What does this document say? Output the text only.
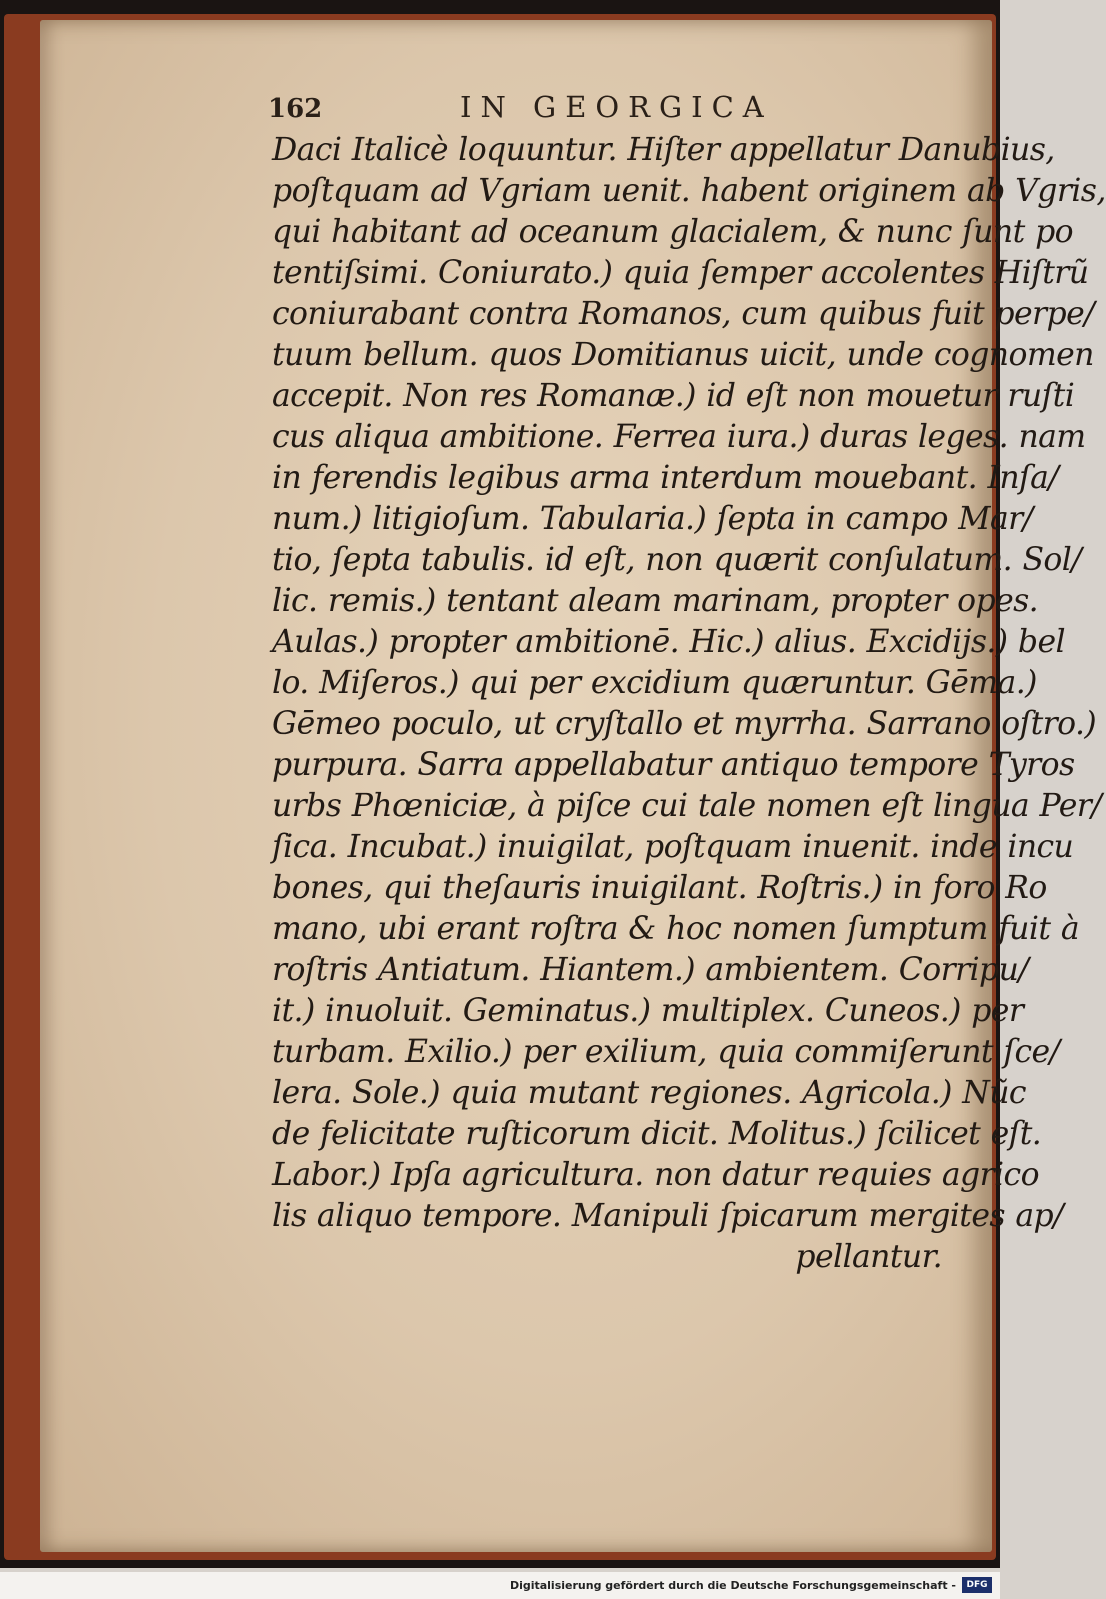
162	IN GEORGICA
Daci Italicè loquuntur. Hiſter appellatur Danubius,
poſtquam ad Vgriam uenit. habent originem ab Vgris,
qui habitant ad oceanum glacialem, & nunc ſunt po
tentiſsimi. Coniurato.) quia ſemper accolentes Hiſtrũ
coniurabant contra Romanos, cum quibus fuit perpe/
tuum bellum. quos Domitianus uicit, unde cognomen
accepit. Non res Romanæ.) id eſt non mouetur ruſti
cus aliqua ambitione. Ferrea iura.) duras leges. nam
in ferendis legibus arma interdum mouebant. Inſa/
num.) litigioſum. Tabularia.) ſepta in campo Mar/
tio, ſepta tabulis. id eſt, non quærit conſulatum. Sol/
lic. remis.) tentant aleam marinam, propter opes.
Aulas.) propter ambitionē. Hic.) alius. Excidijs.) bel
lo. Miſeros.) qui per excidium quæruntur. Gēma.)
Gēmeo poculo, ut cryſtallo et myrrha. Sarrano oſtro.)
purpura. Sarra appellabatur antiquo tempore Tyros
urbs Phœniciæ, à piſce cui tale nomen eſt lingua Per/
ſica. Incubat.) inuigilat, poſtquam inuenit. inde incu
bones, qui theſauris inuigilant. Roſtris.) in foro Ro
mano, ubi erant roſtra & hoc nomen ſumptum fuit à
roſtris Antiatum. Hiantem.) ambientem. Corripu/
it.) inuoluit. Geminatus.) multiplex. Cuneos.) per
turbam. Exilio.) per exilium, quia commiſerunt ſce/
lera. Sole.) quia mutant regiones. Agricola.) Nũc
de felicitate ruſticorum dicit. Molitus.) ſcilicet eſt.
Labor.) Ipſa agricultura. non datur requies agrico
lis aliquo tempore. Manipuli ſpicarum mergites ap/
pellantur.
Digitalisierung gefördert durch die Deutsche Forschungsgemeinschaft -	DFG
